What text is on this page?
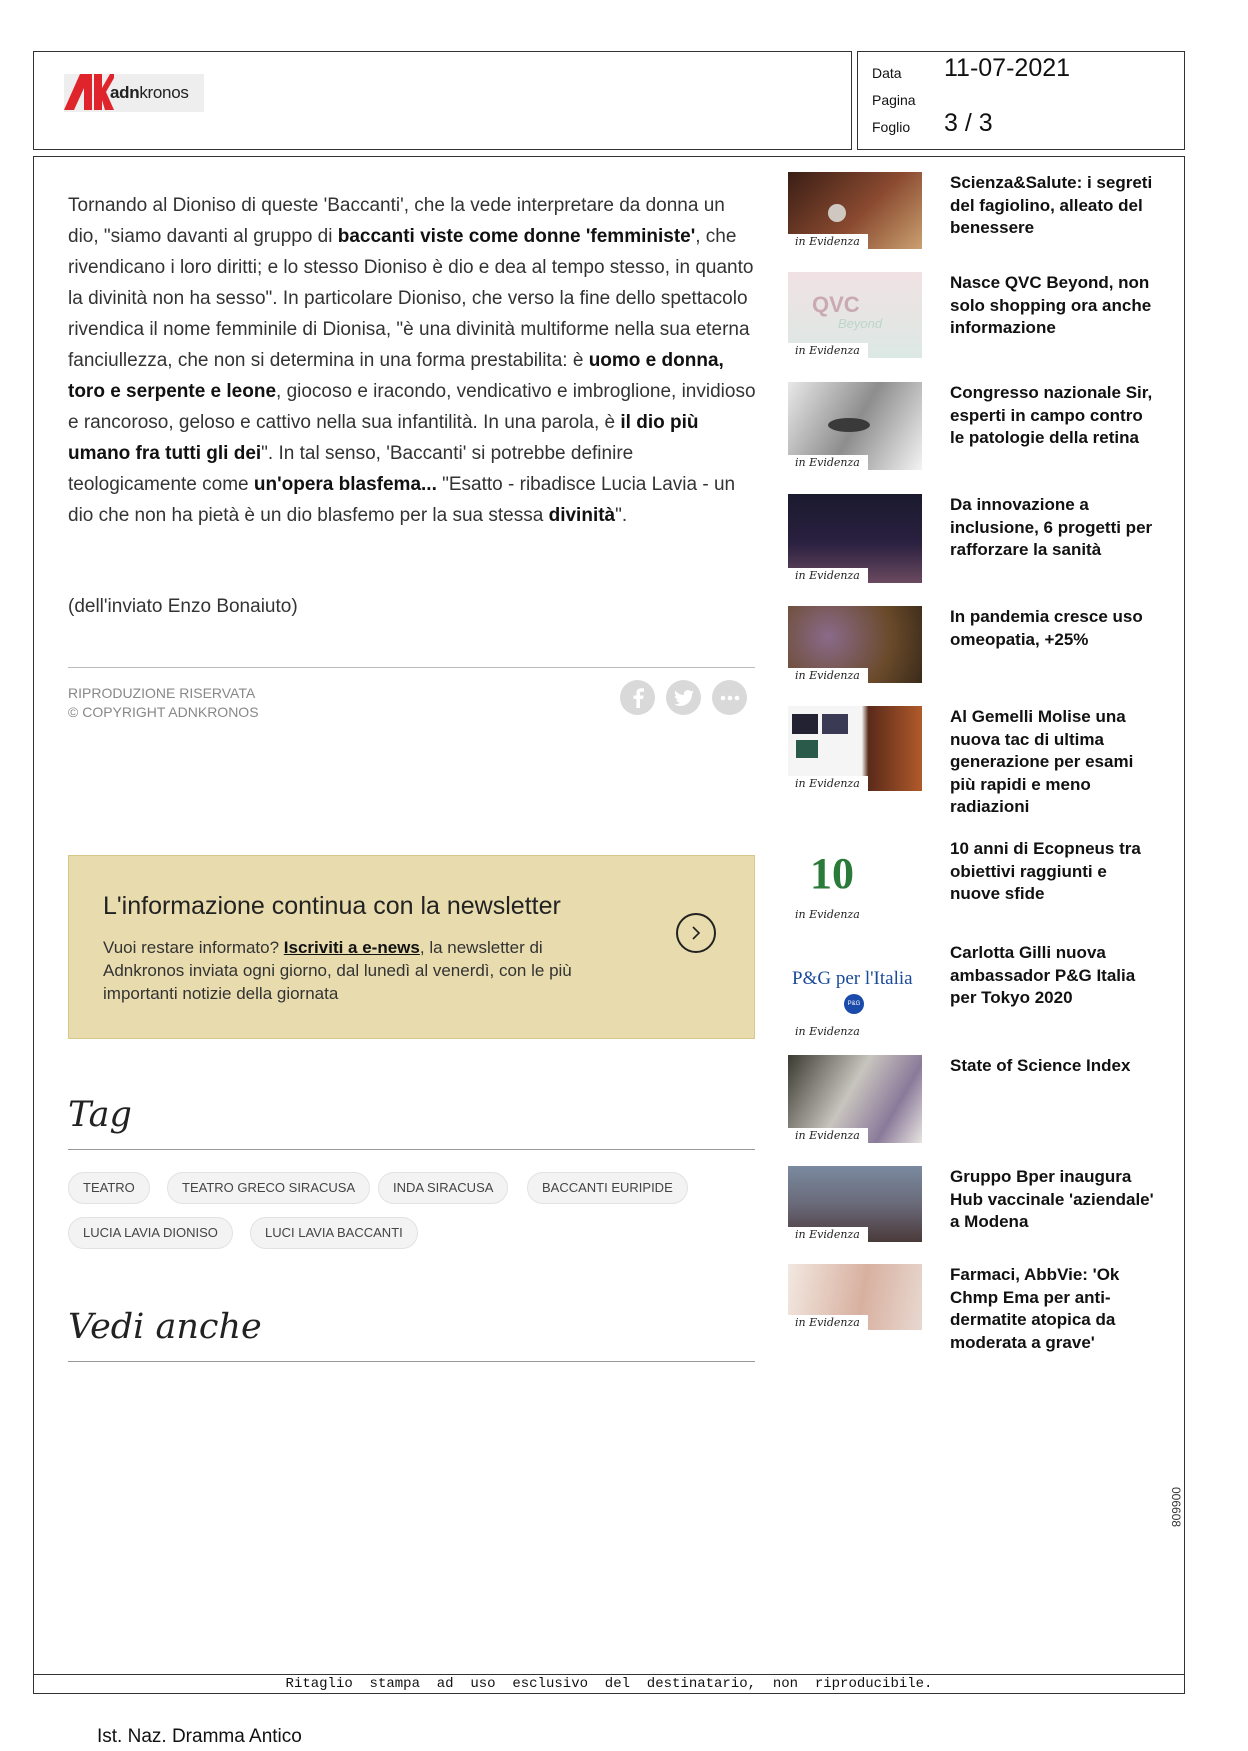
adnkronos
Data 11-07-2021
Pagina
Foglio 3 / 3
Tornando al Dioniso di queste 'Baccanti', che la vede interpretare da donna un dio, "siamo davanti al gruppo di baccanti viste come donne 'femministe', che rivendicano i loro diritti; e lo stesso Dioniso è dio e dea al tempo stesso, in quanto la divinità non ha sesso". In particolare Dioniso, che verso la fine dello spettacolo rivendica il nome femminile di Dionisa, "è una divinità multiforme nella sua eterna fanciullezza, che non si determina in una forma prestabilita: è uomo e donna, toro e serpente e leone, giocoso e iracondo, vendicativo e imbroglione, invidioso e rancoroso, geloso e cattivo nella sua infantilità. In una parola, è il dio più umano fra tutti gli dei". In tal senso, 'Baccanti' si potrebbe definire teologicamente come un'opera blasfema... "Esatto - ribadisce Lucia Lavia - un dio che non ha pietà è un dio blasfemo per la sua stessa divinità".
(dell'inviato Enzo Bonaiuto)
RIPRODUZIONE RISERVATA
© COPYRIGHT ADNKRONOS
L'informazione continua con la newsletter
Vuoi restare informato? Iscriviti a e-news, la newsletter di Adnkronos inviata ogni giorno, dal lunedì al venerdì, con le più importanti notizie della giornata
Tag
TEATRO	TEATRO GRECO SIRACUSA	INDA SIRACUSA	BACCANTI EURIPIDE
LUCIA LAVIA DIONISO	LUCI LAVIA BACCANTI
Vedi anche
in Evidenza
Scienza&Salute: i segreti del fagiolino, alleato del benessere
QVC
Beyond
in Evidenza
Nasce QVC Beyond, non solo shopping ora anche informazione
in Evidenza
Congresso nazionale Sir, esperti in campo contro le patologie della retina
in Evidenza
Da innovazione a inclusione, 6 progetti per rafforzare la sanità
in Evidenza
In pandemia cresce uso omeopatia, +25%
in Evidenza
Al Gemelli Molise una nuova tac di ultima generazione per esami più rapidi e meno radiazioni
10
in Evidenza
10 anni di Ecopneus tra obiettivi raggiunti e nuove sfide
P&G per l'Italia
P&G
in Evidenza
Carlotta Gilli nuova ambassador P&G Italia per Tokyo 2020
in Evidenza
State of Science Index
in Evidenza
Gruppo Bper inaugura Hub vaccinale 'aziendale' a Modena
in Evidenza
Farmaci, AbbVie: 'Ok Chmp Ema per anti-dermatite atopica da moderata a grave'
Ritaglio  stampa  ad  uso  esclusivo  del  destinatario,  non  riproducibile.
006608
Ist. Naz. Dramma Antico
